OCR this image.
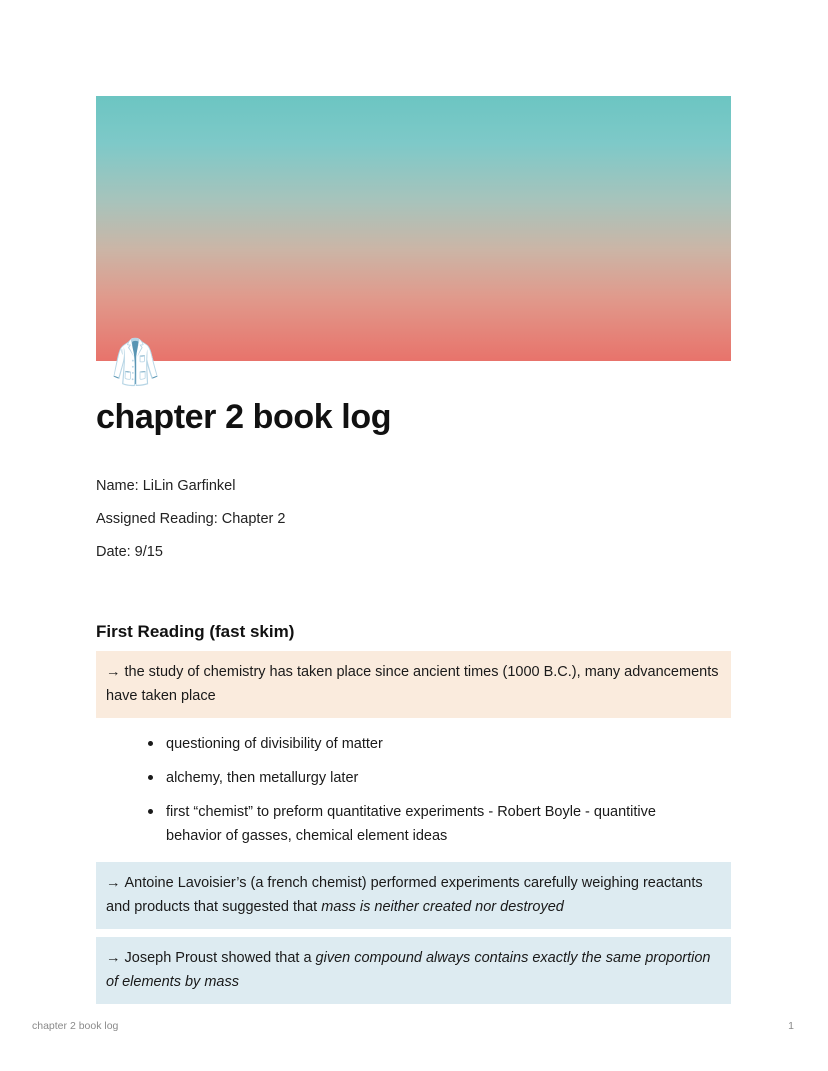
🥼
chapter 2 book log
Name: LiLin Garfinkel
Assigned Reading: Chapter 2
Date: 9/15
First Reading (fast skim)
→ the study of chemistry has taken place since ancient times (1000 B.C.), many advancements have taken place
questioning of divisibility of matter
alchemy, then metallurgy later
first “chemist” to preform quantitative experiments - Robert Boyle - quantitive behavior of gasses, chemical element ideas
→ Antoine Lavoisier’s (a french chemist) performed experiments carefully weighing reactants and products that suggested that mass is neither created nor destroyed
→ Joseph Proust showed that a given compound always contains exactly the same proportion of elements by mass
chapter 2 book log	1
